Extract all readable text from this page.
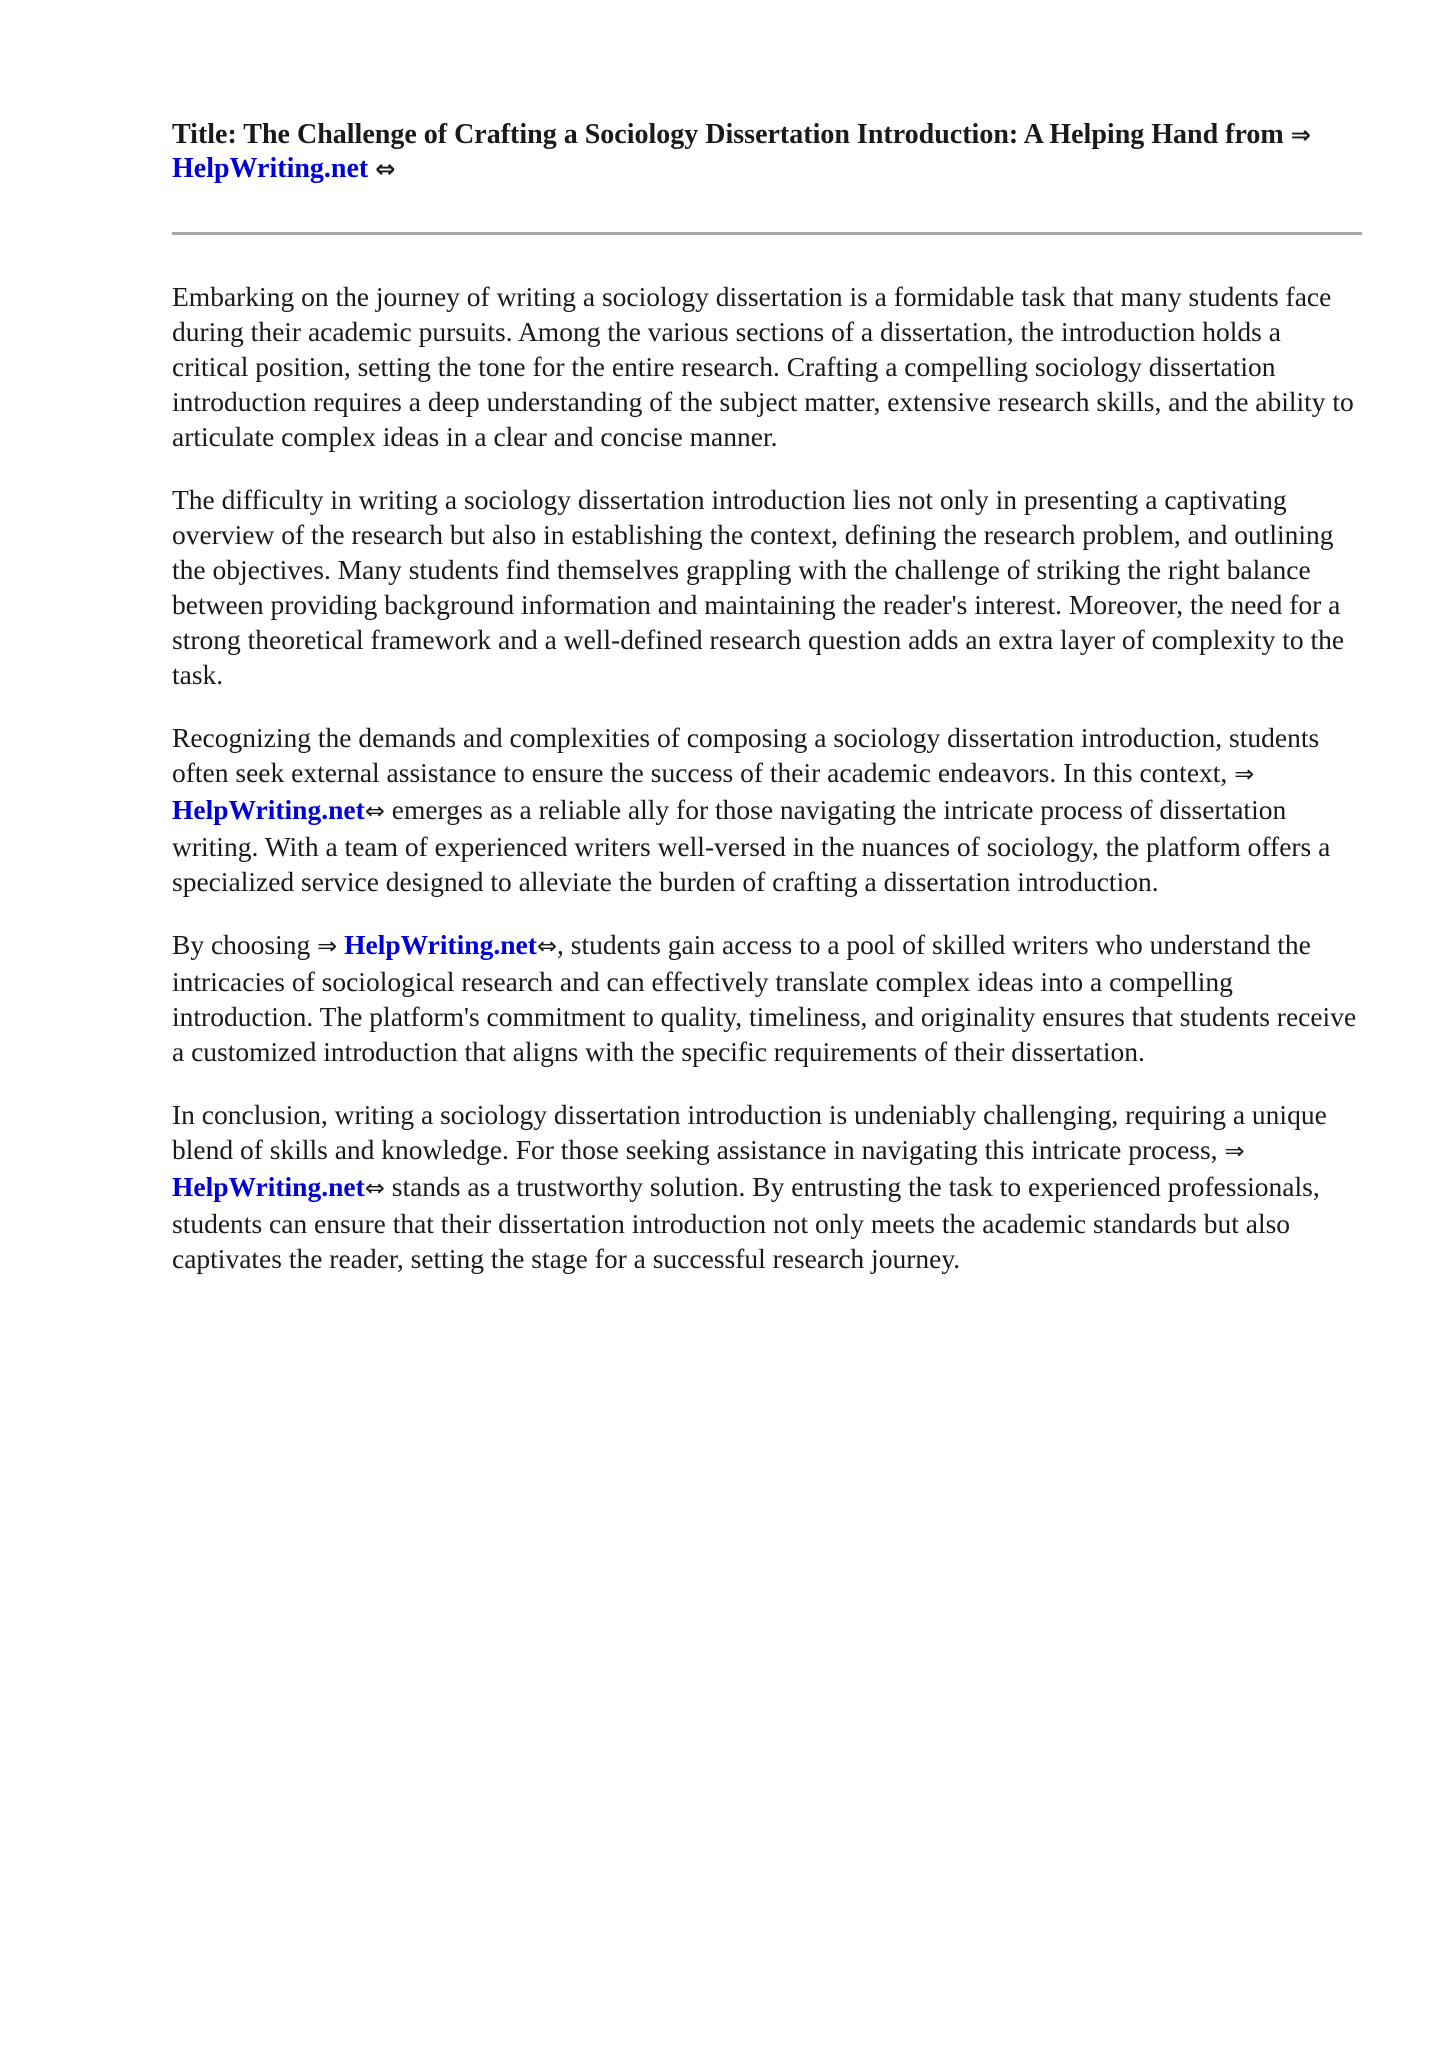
Title: The Challenge of Crafting a Sociology Dissertation Introduction: A Helping Hand from ⇒
HelpWriting.net ⇔

Embarking on the journey of writing a sociology dissertation is a formidable task that many students face during their academic pursuits. Among the various sections of a dissertation, the introduction holds a critical position, setting the tone for the entire research. Crafting a compelling sociology dissertation introduction requires a deep understanding of the subject matter, extensive research skills, and the ability to articulate complex ideas in a clear and concise manner.

The difficulty in writing a sociology dissertation introduction lies not only in presenting a captivating overview of the research but also in establishing the context, defining the research problem, and outlining the objectives. Many students find themselves grappling with the challenge of striking the right balance between providing background information and maintaining the reader's interest. Moreover, the need for a strong theoretical framework and a well-defined research question adds an extra layer of complexity to the task.

Recognizing the demands and complexities of composing a sociology dissertation introduction, students often seek external assistance to ensure the success of their academic endeavors. In this context, ⇒ HelpWriting.net⇔ emerges as a reliable ally for those navigating the intricate process of dissertation writing. With a team of experienced writers well-versed in the nuances of sociology, the platform offers a specialized service designed to alleviate the burden of crafting a dissertation introduction.

By choosing ⇒ HelpWriting.net⇔, students gain access to a pool of skilled writers who understand the intricacies of sociological research and can effectively translate complex ideas into a compelling introduction. The platform's commitment to quality, timeliness, and originality ensures that students receive a customized introduction that aligns with the specific requirements of their dissertation.

In conclusion, writing a sociology dissertation introduction is undeniably challenging, requiring a unique blend of skills and knowledge. For those seeking assistance in navigating this intricate process, ⇒ HelpWriting.net⇔ stands as a trustworthy solution. By entrusting the task to experienced professionals, students can ensure that their dissertation introduction not only meets the academic standards but also captivates the reader, setting the stage for a successful research journey.
